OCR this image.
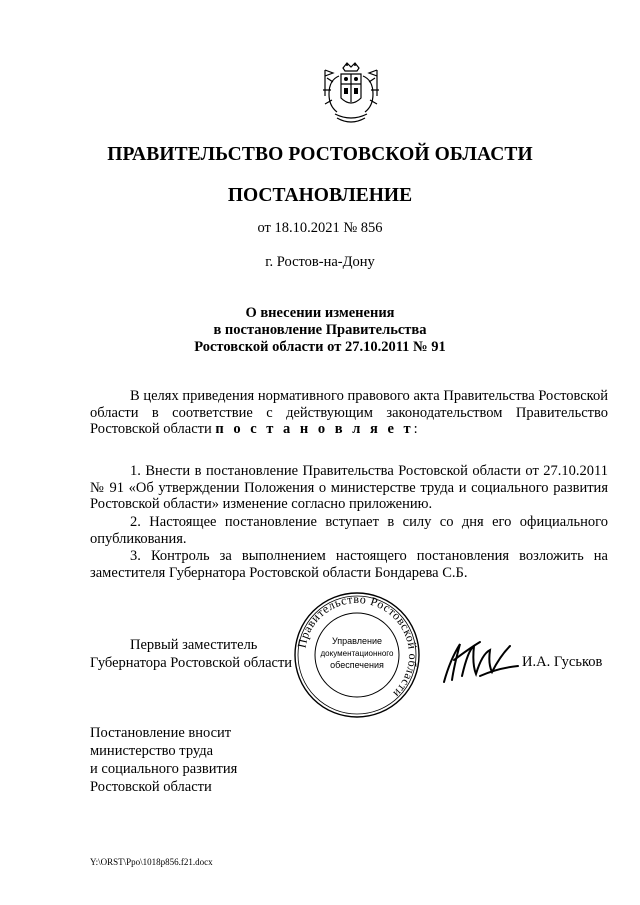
ПРАВИТЕЛЬСТВО РОСТОВСКОЙ ОБЛАСТИ
ПОСТАНОВЛЕНИЕ
от 18.10.2021 № 856
г. Ростов-на-Дону
О внесении изменения
в постановление Правительства
Ростовской области от 27.10.2011 № 91
В целях приведения нормативного правового акта Правительства Ростовской области в соответствие с действующим законодательством Правительство Ростовской области п о с т а н о в л я е т:
1. Внести в постановление Правительства Ростовской области от 27.10.2011 № 91 «Об утверждении Положения о министерстве труда и социального развития Ростовской области» изменение согласно приложению.
2. Настоящее постановление вступает в силу со дня его официального опубликования.
3. Контроль за выполнением настоящего постановления возложить на заместителя Губернатора Ростовской области Бондарева С.Б.
Правительство Ростовской области
Управление
документационного
обеспечения
Первый заместитель
Губернатора Ростовской области	И.А. Гуськов
Постановление вносит
министерство труда
и социального развития
Ростовской области
Y:\ORST\Ppo\1018p856.f21.docx
